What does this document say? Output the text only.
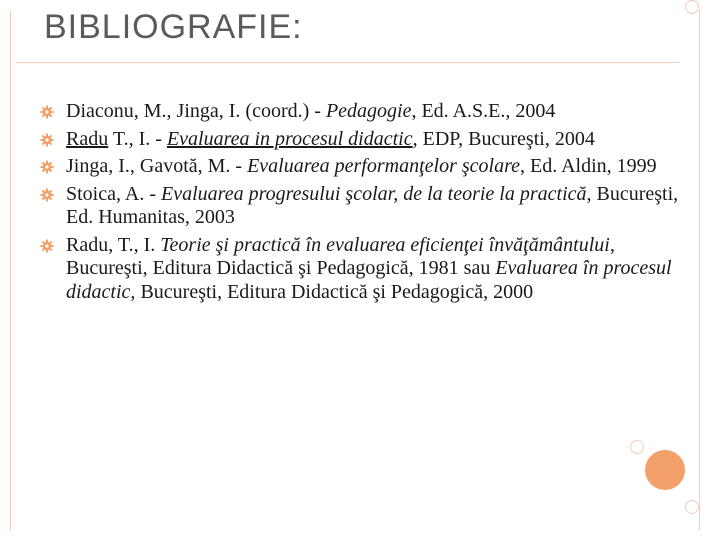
BIBLIOGRAFIE:
Diaconu, M., Jinga, I. (coord.) - Pedagogie, Ed. A.S.E., 2004
Radu T., I. - Evaluarea in procesul didactic, EDP, Bucureşti, 2004
Jinga, I., Gavotă, M. - Evaluarea performanţelor şcolare, Ed. Aldin, 1999
Stoica, A. - Evaluarea progresului şcolar, de la teorie la practică, Bucureşti, Ed. Humanitas, 2003
Radu, T., I. Teorie şi practică în evaluarea eficienţei învăţământului, Bucureşti, Editura Didactică şi Pedagogică, 1981 sau Evaluarea în procesul didactic, Bucureşti, Editura Didactică şi Pedagogică, 2000
